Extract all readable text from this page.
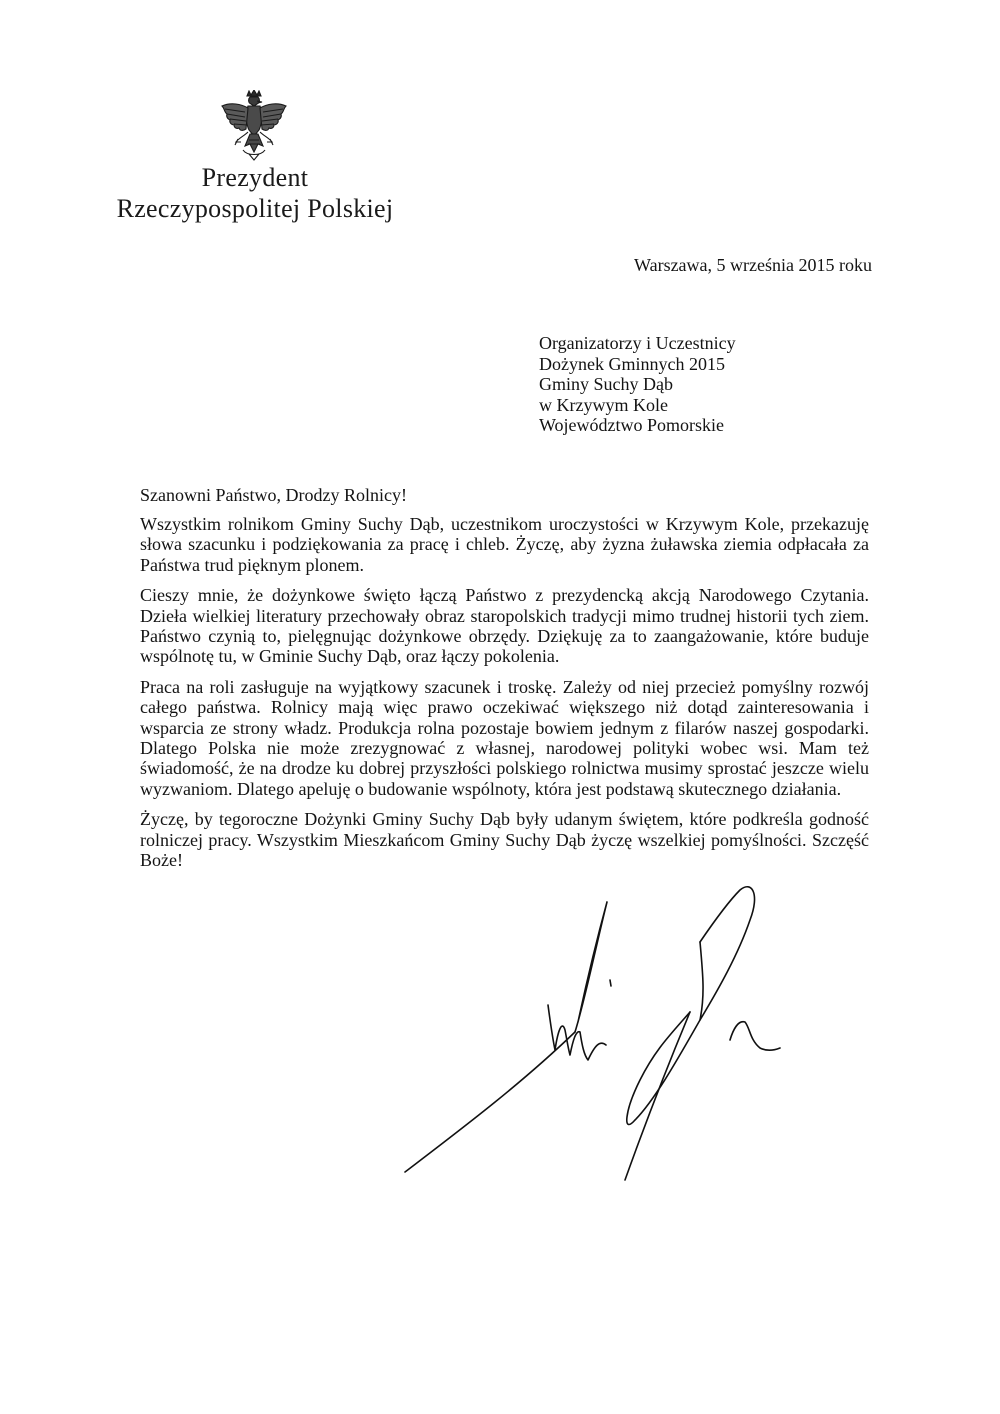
Prezydent
Rzeczypospolitej Polskiej
Warszawa, 5 września 2015 roku
Organizatorzy i Uczestnicy
Dożynek Gminnych 2015
Gminy Suchy Dąb
w Krzywym Kole
Województwo Pomorskie
Szanowni Państwo, Drodzy Rolnicy!

Wszystkim rolnikom Gminy Suchy Dąb, uczestnikom uroczystości w Krzywym Kole, przekazuję słowa szacunku i podziękowania za pracę i chleb. Życzę, aby żyzna żuławska ziemia odpłacała za Państwa trud pięknym plonem.

Cieszy mnie, że dożynkowe święto łączą Państwo z prezydencką akcją Narodowego Czytania. Dzieła wielkiej literatury przechowały obraz staropolskich tradycji mimo trudnej historii tych ziem. Państwo czynią to, pielęgnując dożynkowe obrzędy. Dziękuję za to zaangażowanie, które buduje wspólnotę tu, w Gminie Suchy Dąb, oraz łączy pokolenia.

Praca na roli zasługuje na wyjątkowy szacunek i troskę. Zależy od niej przecież pomyślny rozwój całego państwa. Rolnicy mają więc prawo oczekiwać większego niż dotąd zainteresowania i wsparcia ze strony władz. Produkcja rolna pozostaje bowiem jednym z filarów naszej gospodarki. Dlatego Polska nie może zrezygnować z własnej, narodowej polityki wobec wsi. Mam też świadomość, że na drodze ku dobrej przyszłości polskiego rolnictwa musimy sprostać jeszcze wielu wyzwaniom. Dlatego apeluję o budowanie wspólnoty, która jest podstawą skutecznego działania.

Życzę, by tegoroczne Dożynki Gminy Suchy Dąb były udanym świętem, które podkreśla godność rolniczej pracy. Wszystkim Mieszkańcom Gminy Suchy Dąb życzę wszelkiej pomyślności. Szczęść Boże!
